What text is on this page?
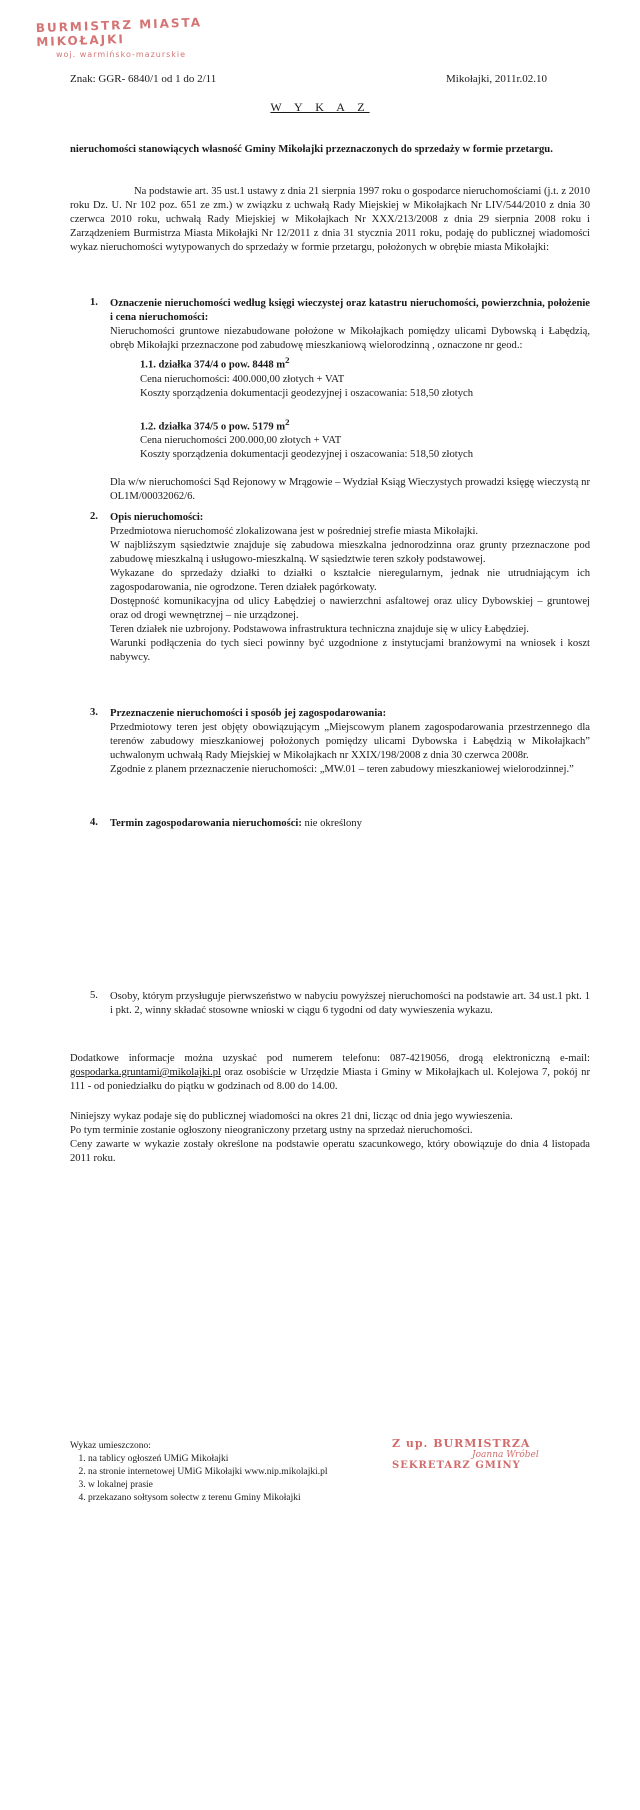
BURMISTRZ MIASTA MIKOŁAJKI
woj. warmińsko-mazurskie
Znak: GGR- 6840/1 od 1 do 2/11	Mikołajki, 2011r.02.10
W Y K A Z

nieruchomości stanowiących własność Gminy Mikołajki przeznaczonych do sprzedaży w formie przetargu.

Na podstawie art. 35 ust.1 ustawy z dnia 21 sierpnia 1997 roku o gospodarce nieruchomościami (j.t. z 2010 roku Dz. U. Nr 102 poz. 651 ze zm.) w związku z uchwałą Rady Miejskiej w Mikołajkach Nr LIV/544/2010 z dnia 30 czerwca 2010 roku, uchwałą Rady Miejskiej w Mikołajkach Nr XXX/213/2008 z dnia 29 sierpnia 2008 roku i Zarządzeniem Burmistrza Miasta Mikołajki Nr 12/2011 z dnia 31 stycznia 2011 roku, podaję do publicznej wiadomości wykaz nieruchomości wytypowanych do sprzedaży w formie przetargu, położonych w obrębie miasta Mikołajki:

1. Oznaczenie nieruchomości według księgi wieczystej oraz katastru nieruchomości, powierzchnia, położenie i cena nieruchomości:

Nieruchomości gruntowe niezabudowane położone w Mikołajkach pomiędzy ulicami Dybowską i Łabędzią, obręb Mikołajki przeznaczone pod zabudowę mieszkaniową wielorodzinną , oznaczone nr geod.:

1.1. działka 374/4 o pow. 8448 $m^2$

Cena nieruchomości: 400.000,00 złotych + VAT

Koszty sporządzenia dokumentacji geodezyjnej i oszacowania: 518,50 złotych

1.2. działka 374/5 o pow. 5179 $m^2$

Cena nieruchomości 200.000,00 złotych + VAT

Koszty sporządzenia dokumentacji geodezyjnej i oszacowania: 518,50 złotych

Dla w/w nieruchomości Sąd Rejonowy w Mrągowie – Wydział Ksiąg Wieczystych prowadzi księgę wieczystą nr OL1M/00032062/6.

2. Opis nieruchomości:

Przedmiotowa nieruchomość zlokalizowana jest w pośredniej strefie miasta Mikołajki.

W najbliższym sąsiedztwie znajduje się zabudowa mieszkalna jednorodzinna oraz grunty przeznaczone pod zabudowę mieszkalną i usługowo-mieszkalną. W sąsiedztwie teren szkoły podstawowej.

Wykazane do sprzedaży działki to działki o kształcie nieregularnym, jednak nie utrudniającym ich zagospodarowania, nie ogrodzone. Teren działek pagórkowaty.

Dostępność komunikacyjna od ulicy Łabędziej o nawierzchni asfaltowej oraz ulicy Dybowskiej – gruntowej oraz od drogi wewnętrznej – nie urządzonej.

Teren działek nie uzbrojony. Podstawowa infrastruktura techniczna znajduje się w ulicy Łabędziej.

Warunki podłączenia do tych sieci powinny być uzgodnione z instytucjami branżowymi na wniosek i koszt nabywcy.

3. Przeznaczenie nieruchomości i sposób jej zagospodarowania:

Przedmiotowy teren jest objęty obowiązującym „Miejscowym planem zagospodarowania przestrzennego dla terenów zabudowy mieszkaniowej położonych pomiędzy ulicami Dybowska i Łabędzią w Mikołajkach” uchwalonym uchwałą Rady Miejskiej w Mikołajkach nr XXIX/198/2008 z dnia 30 czerwca 2008r.

Zgodnie z planem przeznaczenie nieruchomości: „MW.01 – teren zabudowy mieszkaniowej wielorodzinnej.”

4. Termin zagospodarowania nieruchomości: nie określony

5. Osoby, którym przysługuje pierwszeństwo w nabyciu powyższej nieruchomości na podstawie art. 34 ust.1 pkt. 1 i pkt. 2, winny składać stosowne wnioski w ciągu 6 tygodni od daty wywieszenia wykazu.

Dodatkowe informacje można uzyskać pod numerem telefonu: 087-4219056, drogą elektroniczną e-mail: gospodarka.gruntami@mikolajki.pl oraz osobiście w Urzędzie Miasta i Gminy w Mikołajkach ul. Kolejowa 7, pokój nr 111 - od poniedziałku do piątku w godzinach od 8.00 do 14.00.

Niniejszy wykaz podaje się do publicznej wiadomości na okres 21 dni, licząc od dnia jego wywieszenia.

Po tym terminie zostanie ogłoszony nieograniczony przetarg ustny na sprzedaż nieruchomości.

Ceny zawarte w wykazie zostały określone na podstawie operatu szacunkowego, który obowiązuje do dnia 4 listopada 2011 roku.

Wykaz umieszczono:
1. na tablicy ogłoszeń UMiG Mikołajki
2. na stronie internetowej UMiG Mikołajki www.nip.mikolajki.pl
3. w lokalnej prasie
4. przekazano sołtysom sołectw z terenu Gminy Mikołajki
Z up. BURMISTRZA
Joanna Wróbel
SEKRETARZ GMINY
